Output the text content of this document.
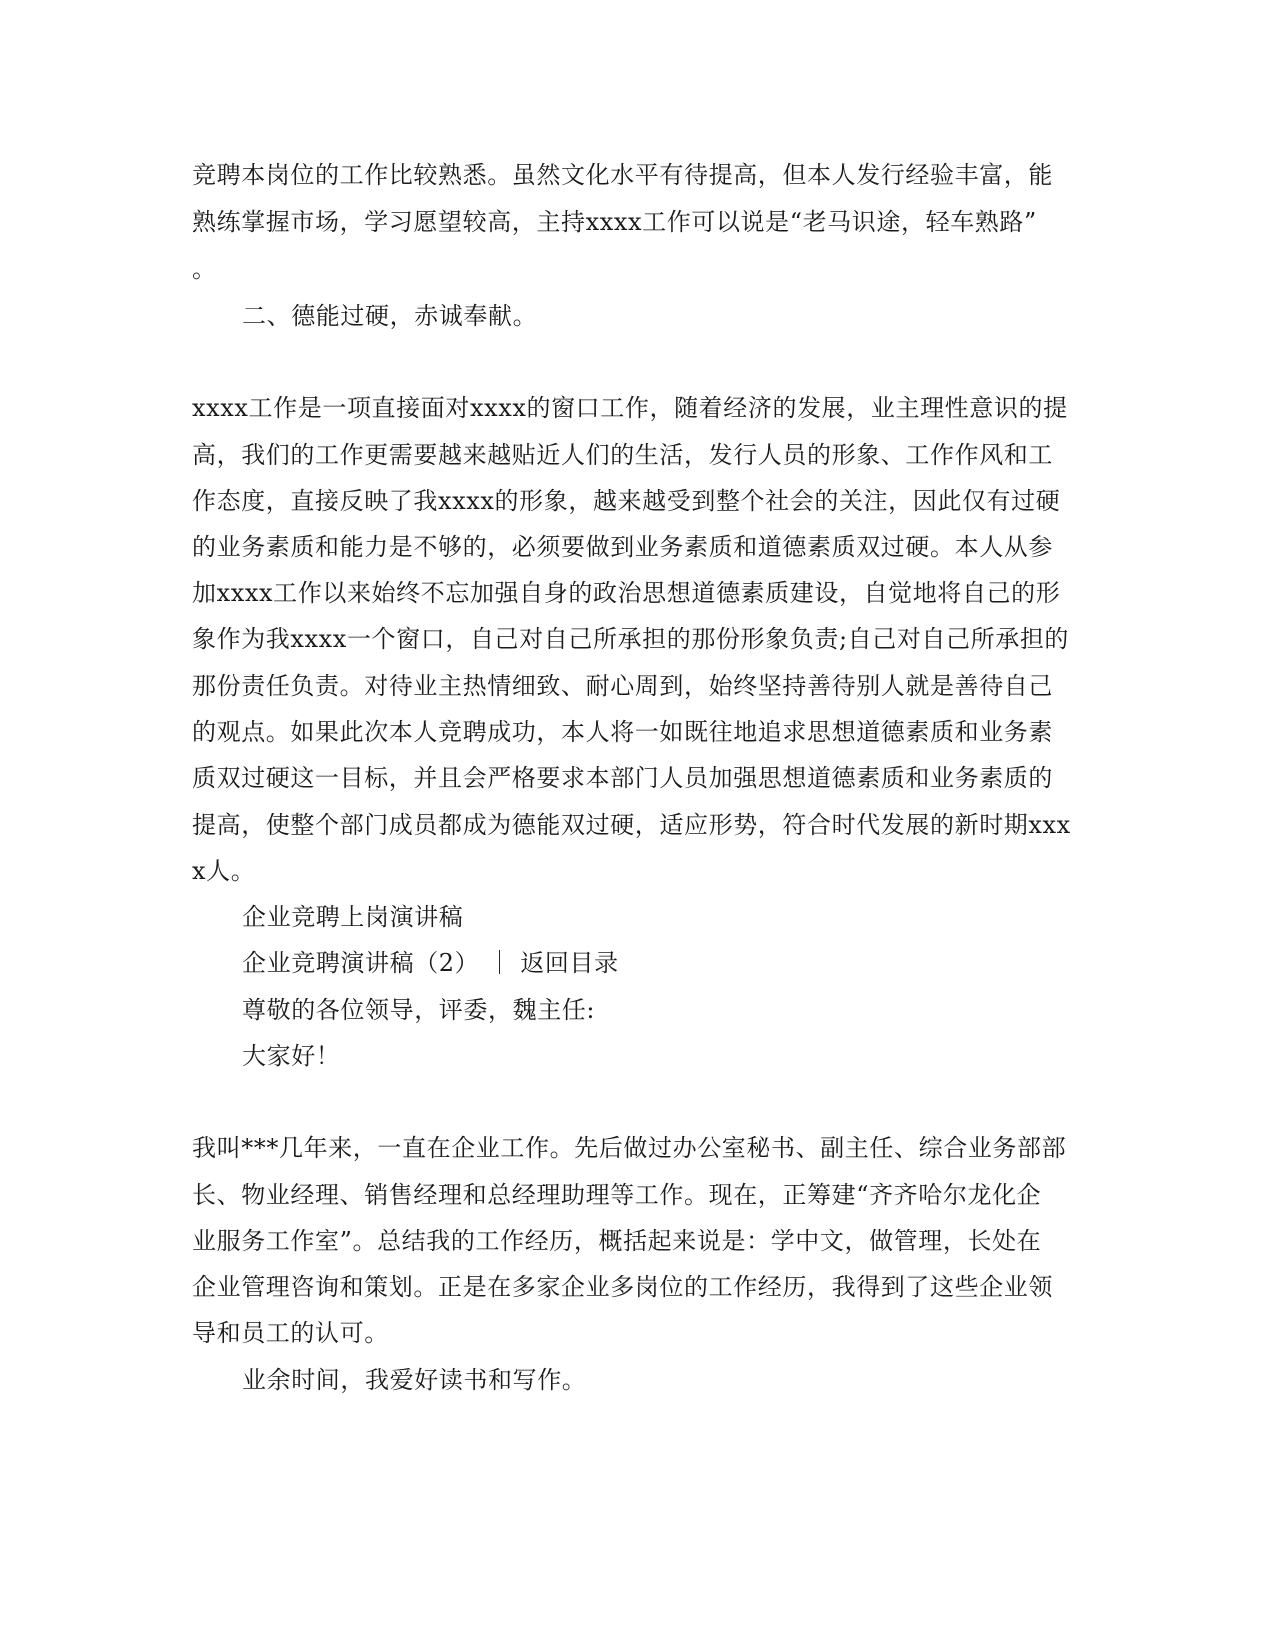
竞聘本岗位的工作比较熟悉。虽然文化水平有待提高，但本人发行经验丰富，能
熟练掌握市场，学习愿望较高，主持xxxx工作可以说是“老马识途，轻车熟路”
。
二、德能过硬，赤诚奉献。
xxxx工作是一项直接面对xxxx的窗口工作，随着经济的发展，业主理性意识的提
高，我们的工作更需要越来越贴近人们的生活，发行人员的形象、工作作风和工
作态度，直接反映了我xxxx的形象，越来越受到整个社会的关注，因此仅有过硬
的业务素质和能力是不够的，必须要做到业务素质和道德素质双过硬。本人从参
加xxxx工作以来始终不忘加强自身的政治思想道德素质建设，自觉地将自己的形
象作为我xxxx一个窗口，自己对自己所承担的那份形象负责;自己对自己所承担的
那份责任负责。对待业主热情细致、耐心周到，始终坚持善待别人就是善待自己
的观点。如果此次本人竞聘成功，本人将一如既往地追求思想道德素质和业务素
质双过硬这一目标，并且会严格要求本部门人员加强思想道德素质和业务素质的
提高，使整个部门成员都成为德能双过硬，适应形势，符合时代发展的新时期xxx
x人。
企业竞聘上岗演讲稿
企业竞聘演讲稿（2） ｜ 返回目录
尊敬的各位领导，评委，魏主任:
大家好！
我叫***几年来，一直在企业工作。先后做过办公室秘书、副主任、综合业务部部
长、物业经理、销售经理和总经理助理等工作。现在，正筹建“齐齐哈尔龙化企
业服务工作室”。总结我的工作经历，概括起来说是：学中文，做管理，长处在
企业管理咨询和策划。正是在多家企业多岗位的工作经历，我得到了这些企业领
导和员工的认可。
业余时间，我爱好读书和写作。
